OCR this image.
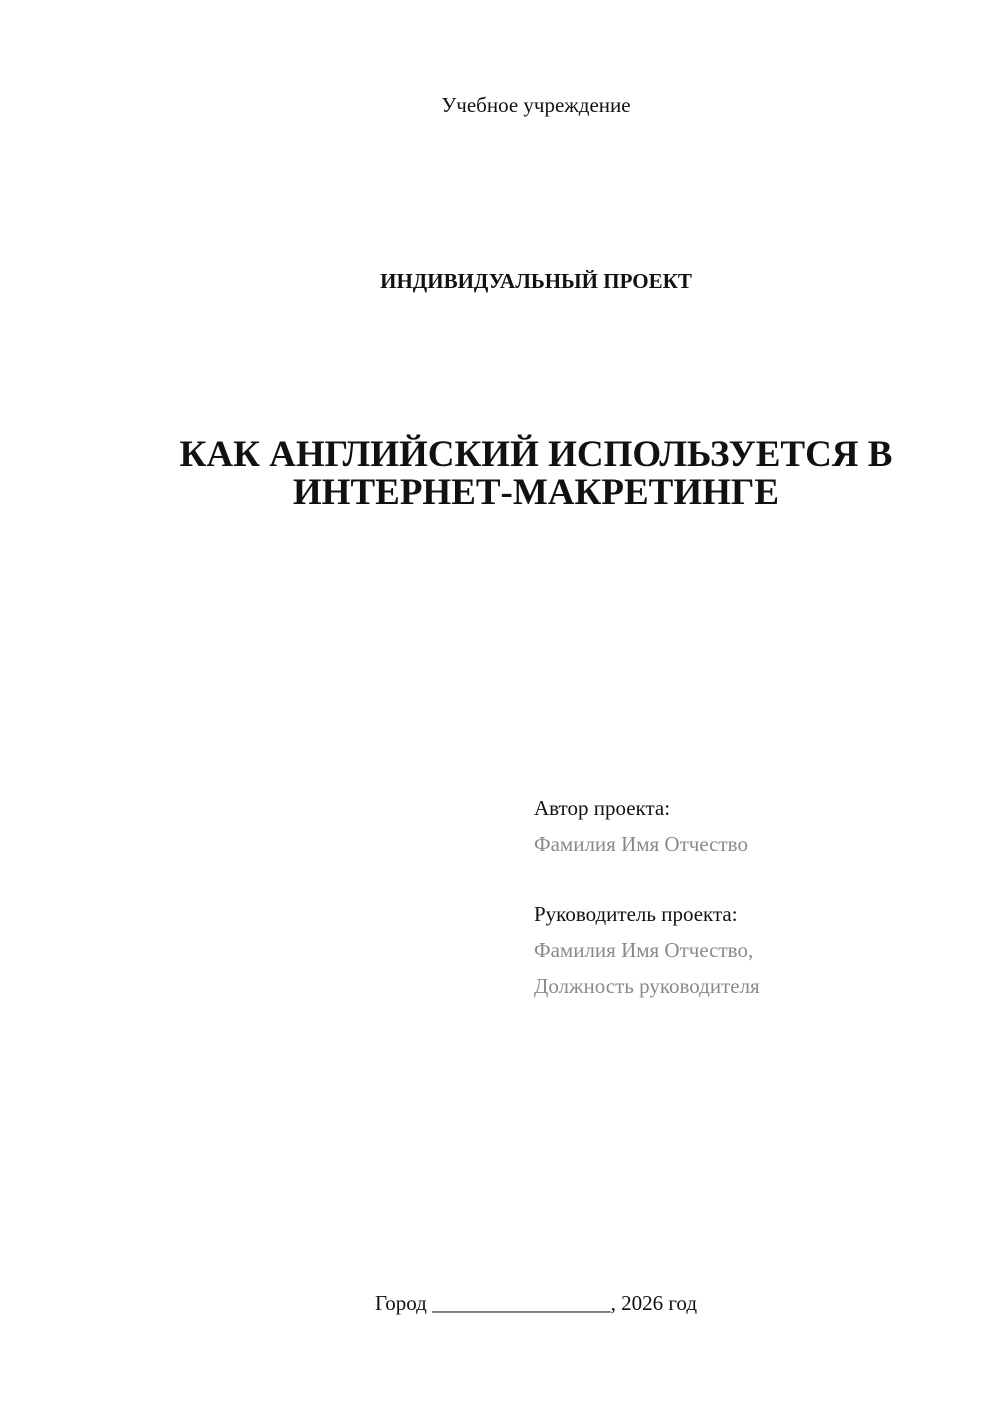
Учебное учреждение
ИНДИВИДУАЛЬНЫЙ ПРОЕКТ
КАК АНГЛИЙСКИЙ ИСПОЛЬЗУЕТСЯ В
ИНТЕРНЕТ-МАКРЕТИНГЕ
Автор проекта:
Фамилия Имя Отчество
Руководитель проекта:
Фамилия Имя Отчество,
Должность руководителя
Город _________________, 2026 год
